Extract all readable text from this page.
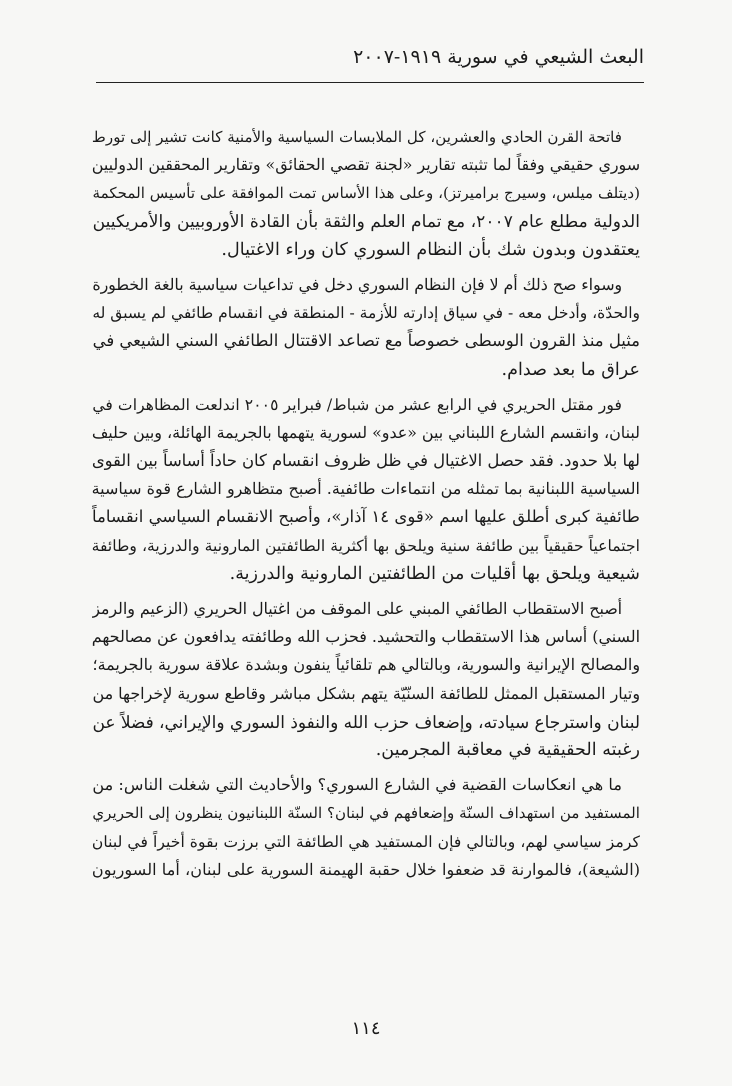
البعث الشيعي في سورية ١٩١٩-٢٠٠٧
فاتحة القرن الحادي والعشرين، كل الملابسات السياسية والأمنية كانت تشير إلى تورط
سوري حقيقي وفقاً لما تثبته تقارير «لجنة تقصي الحقائق» وتقارير المحققين الدوليين
(ديتلف ميلس، وسيرج براميرتز)، وعلى هذا الأساس تمت الموافقة على تأسيس المحكمة
الدولية مطلع عام ٢٠٠٧، مع تمام العلم والثقة بأن القادة الأوروبيين والأمريكيين
يعتقدون وبدون شك بأن النظام السوري كان وراء الاغتيال.
وسواء صح ذلك أم لا فإن النظام السوري دخل في تداعيات سياسية بالغة الخطورة
والحدّة، وأدخل معه - في سياق إدارته للأزمة - المنطقة في انقسام طائفي لم يسبق له
مثيل منذ القرون الوسطى خصوصاً مع تصاعد الاقتتال الطائفي السني الشيعي في
عراق ما بعد صدام.
فور مقتل الحريري في الرابع عشر من شباط/ فبراير ٢٠٠٥ اندلعت المظاهرات في
لبنان، وانقسم الشارع اللبناني بين «عدو» لسورية يتهمها بالجريمة الهائلة، وبين حليف
لها بلا حدود. فقد حصل الاغتيال في ظل ظروف انقسام كان حاداً أساساً بين القوى
السياسية اللبنانية بما تمثله من انتماءات طائفية. أصبح متظاهرو الشارع قوة سياسية
طائفية كبرى أطلق عليها اسم «قوى ١٤ آذار»، وأصبح الانقسام السياسي انقساماً
اجتماعياً حقيقياً بين طائفة سنية ويلحق بها أكثرية الطائفتين المارونية والدرزية، وطائفة
شيعية ويلحق بها أقليات من الطائفتين المارونية والدرزية.
أصبح الاستقطاب الطائفي المبني على الموقف من اغتيال الحريري (الزعيم والرمز
السني) أساس هذا الاستقطاب والتحشيد. فحزب الله وطائفته يدافعون عن مصالحهم
والمصالح الإيرانية والسورية، وبالتالي هم تلقائياً ينفون وبشدة علاقة سورية بالجريمة؛
وتيار المستقبل الممثل للطائفة السنّيّة يتهم بشكل مباشر وقاطع سورية لإخراجها من
لبنان واسترجاع سيادته، وإضعاف حزب الله والنفوذ السوري والإيراني، فضلاً عن
رغبته الحقيقية في معاقبة المجرمين.
ما هي انعكاسات القضية في الشارع السوري؟ والأحاديث التي شغلت الناس: من
المستفيد من استهداف السنّة وإضعافهم في لبنان؟ السنّة اللبنانيون ينظرون إلى الحريري
كرمز سياسي لهم، وبالتالي فإن المستفيد هي الطائفة التي برزت بقوة أخيراً في لبنان
(الشيعة)، فالموارنة قد ضعفوا خلال حقبة الهيمنة السورية على لبنان، أما السوريون
١١٤
